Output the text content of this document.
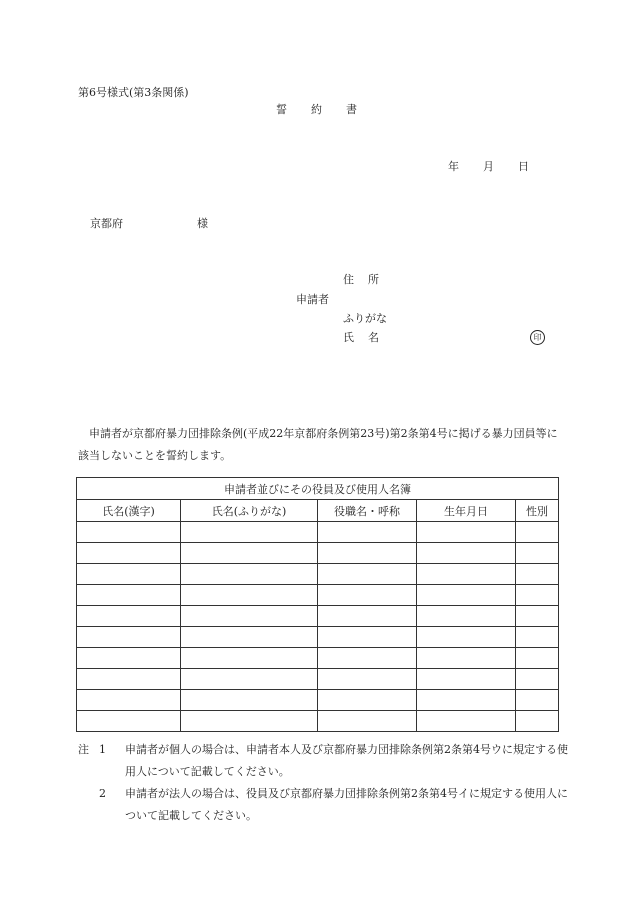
第6号様式(第3条関係)
誓約書
年 月 日
京都府	様
住所
申請者
ふりがな
氏名	印

申請者が京都府暴力団排除条例(平成22年京都府条例第23号)第2条第4号に掲げる暴力団員等に該当しないことを誓約します。

申請者並びにその役員及び使用人名簿				
氏名(漢字)	氏名(ふりがな)	役職名・呼称	生年月日	性別

注 1	申請者が個人の場合は、申請者本人及び京都府暴力団排除条例第2条第4号ウに規定する使用人について記載してください。
2	申請者が法人の場合は、役員及び京都府暴力団排除条例第2条第4号イに規定する使用人について記載してください。
